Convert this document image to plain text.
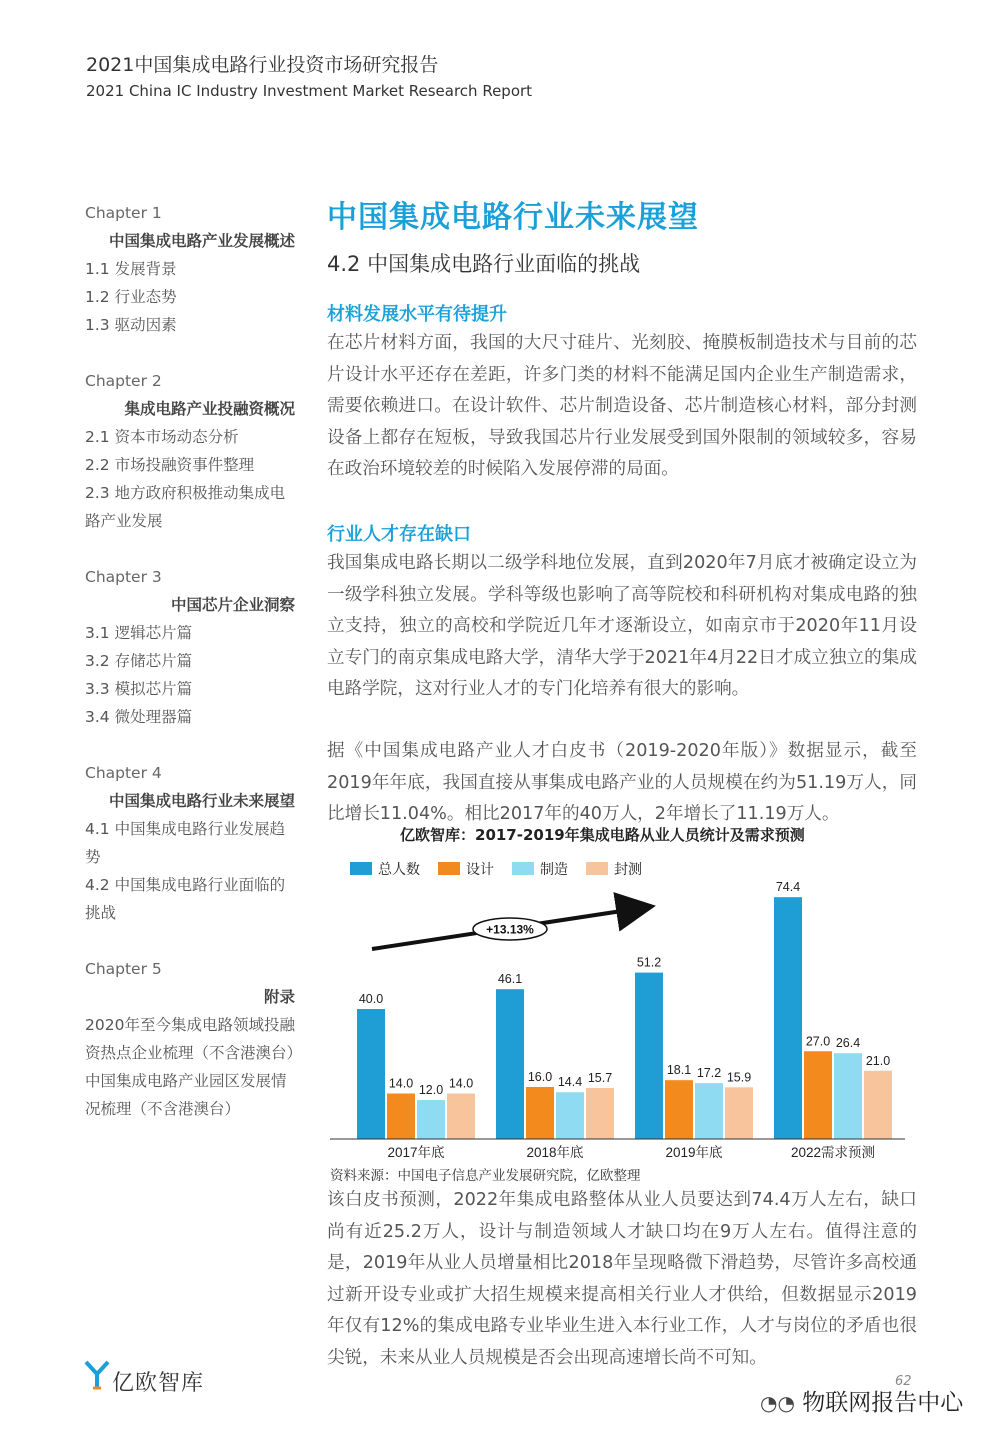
2021中国集成电路行业投资市场研究报告
2021 China IC Industry Investment Market Research Report
Chapter 1
中国集成电路产业发展概述
1.1 发展背景
1.2 行业态势
1.3 驱动因素
Chapter 2
集成电路产业投融资概况
2.1 资本市场动态分析
2.2 市场投融资事件整理
2.3 地方政府积极推动集成电路产业发展
Chapter 3
中国芯片企业洞察
3.1 逻辑芯片篇
3.2 存储芯片篇
3.3 模拟芯片篇
3.4 微处理器篇
Chapter 4
中国集成电路行业未来展望
4.1 中国集成电路行业发展趋势
4.2 中国集成电路行业面临的挑战
Chapter 5
附录
2020年至今集成电路领域投融资热点企业梳理（不含港澳台）
中国集成电路产业园区发展情况梳理（不含港澳台）
中国集成电路行业未来展望
4.2 中国集成电路行业面临的挑战
材料发展水平有待提升
在芯片材料方面，我国的大尺寸硅片、光刻胶、掩膜板制造技术与目前的芯片设计水平还存在差距，许多门类的材料不能满足国内企业生产制造需求，需要依赖进口。在设计软件、芯片制造设备、芯片制造核心材料，部分封测设备上都存在短板，导致我国芯片行业发展受到国外限制的领域较多，容易在政治环境较差的时候陷入发展停滞的局面。
行业人才存在缺口
我国集成电路长期以二级学科地位发展，直到2020年7月底才被确定设立为一级学科独立发展。学科等级也影响了高等院校和科研机构对集成电路的独立支持，独立的高校和学院近几年才逐渐设立，如南京市于2020年11月设立专门的南京集成电路大学，清华大学于2021年4月22日才成立独立的集成电路学院，这对行业人才的专门化培养有很大的影响。
据《中国集成电路产业人才白皮书（2019-2020年版）》数据显示，截至2019年年底，我国直接从事集成电路产业的人员规模在约为51.19万人，同比增长11.04%。相比2017年的40万人，2年增长了11.19万人。
亿欧智库：2017-2019年集成电路从业人员统计及需求预测
总人数	设计	制造	封测
40.0
14.0 12.0 14.0
46.1
16.0 14.4 15.7
51.2
18.1 17.2 15.9
74.4
27.0 26.4
21.0
+13.13%
2017年底	2018年底	2019年底	2022需求预测
资料来源：中国电子信息产业发展研究院，亿欧整理
该白皮书预测，2022年集成电路整体从业人员要达到74.4万人左右，缺口尚有近25.2万人，设计与制造领域人才缺口均在9万人左右。值得注意的是，2019年从业人员增量相比2018年呈现略微下滑趋势，尽管许多高校通过新开设专业或扩大招生规模来提高相关行业人才供给，但数据显示2019年仅有12%的集成电路专业毕业生进入本行业工作，人才与岗位的矛盾也很尖锐，未来从业人员规模是否会出现高速增长尚不可知。
亿欧智库	62
◔◔ 物联网报告中心
